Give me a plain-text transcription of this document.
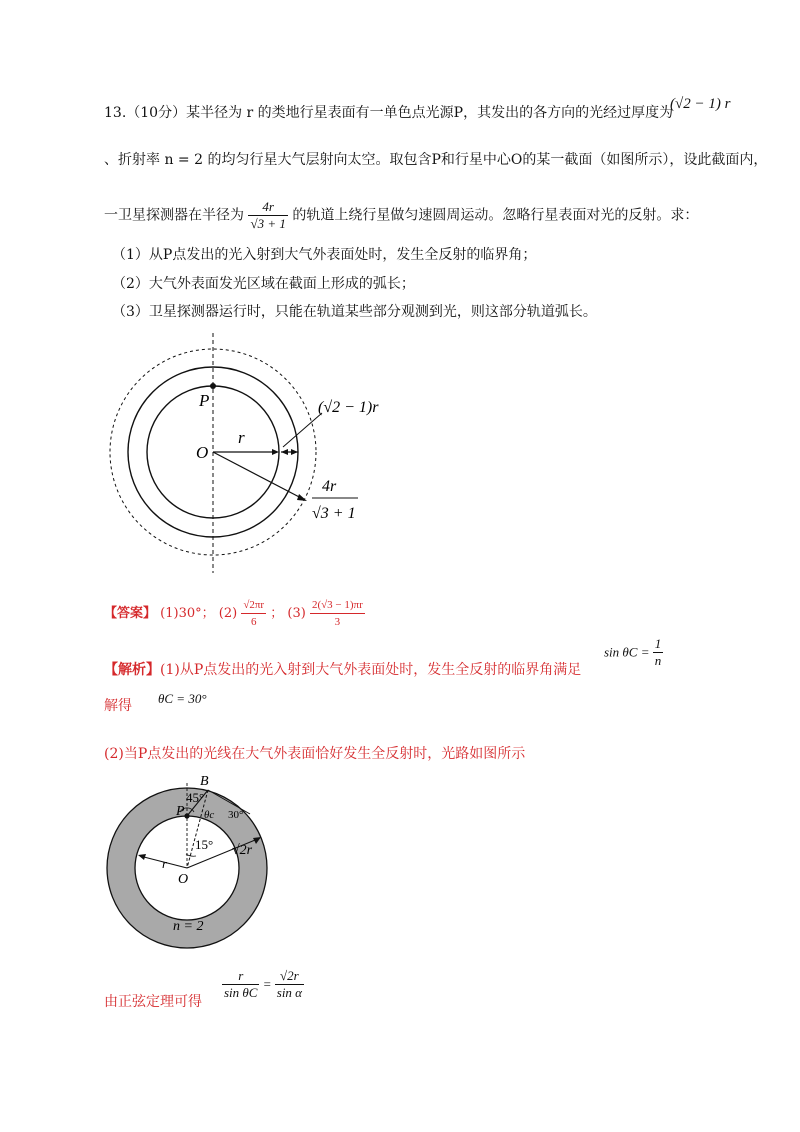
13.（10分）某半径为 r 的类地行星表面有一单色点光源P，其发出的各方向的光经过厚度为
(√2 − 1) r
、折射率 n = 2 的均匀行星大气层射向太空。取包含P和行星中心O的某一截面（如图所示），设此截面内，
一卫星探测器在半径为 $\frac{4r}{√3 + 1}$ 的轨道上绕行星做匀速圆周运动。忽略行星表面对光的反射。求：
（1）从P点发出的光入射到大气外表面处时，发生全反射的临界角；
（2）大气外表面发光区域在截面上形成的弧长；
（3）卫星探测器运行时，只能在轨道某些部分观测到光，则这部分轨道弧长。
P
O
r
(√2 − 1)r
4r
√3 + 1
【答案】 (1)30°； $(2) \frac{√2\pi r}{6}$ ； $(3) \frac{2(√3 - 1)\pi r}{3}$
【解析】(1)从P点发出的光入射到大气外表面处时，发生全反射的临界角满足
$\sin \theta C = \frac{1}{n}$
解得 θC = 30°
(2)当P点发出的光线在大气外表面恰好发生全反射时，光路如图所示
B
45°
P θc 30°
15° √2r
r
O
n = 2
由正弦定理可得
$\frac{r}{\text{sin θC}} = \frac{√2r}{\text{sin α}}$
